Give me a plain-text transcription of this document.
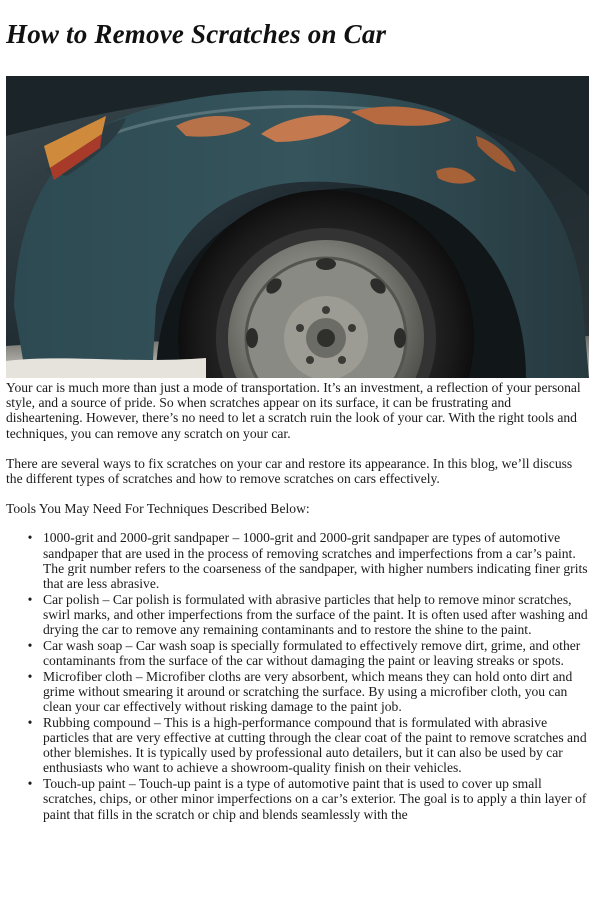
How to Remove Scratches on Car

Your car is much more than just a mode of transportation. It’s an investment, a reflection of your personal style, and a source of pride. So when scratches appear on its surface, it can be frustrating and disheartening. However, there’s no need to let a scratch ruin the look of your car. With the right tools and techniques, you can remove any scratch on your car.

There are several ways to fix scratches on your car and restore its appearance. In this blog, we’ll discuss the different types of scratches and how to remove scratches on cars effectively.

Tools You May Need For Techniques Described Below:

• 1000-grit and 2000-grit sandpaper – 1000-grit and 2000-grit sandpaper are types of automotive sandpaper that are used in the process of removing scratches and imperfections from a car’s paint. The grit number refers to the coarseness of the sandpaper, with higher numbers indicating finer grits that are less abrasive.
• Car polish – Car polish is formulated with abrasive particles that help to remove minor scratches, swirl marks, and other imperfections from the surface of the paint. It is often used after washing and drying the car to remove any remaining contaminants and to restore the shine to the paint.
• Car wash soap – Car wash soap is specially formulated to effectively remove dirt, grime, and other contaminants from the surface of the car without damaging the paint or leaving streaks or spots.
• Microfiber cloth – Microfiber cloths are very absorbent, which means they can hold onto dirt and grime without smearing it around or scratching the surface. By using a microfiber cloth, you can clean your car effectively without risking damage to the paint job.
• Rubbing compound – This is a high-performance compound that is formulated with abrasive particles that are very effective at cutting through the clear coat of the paint to remove scratches and other blemishes. It is typically used by professional auto detailers, but it can also be used by car enthusiasts who want to achieve a showroom-quality finish on their vehicles.
• Touch-up paint – Touch-up paint is a type of automotive paint that is used to cover up small scratches, chips, or other minor imperfections on a car’s exterior. The goal is to apply a thin layer of paint that fills in the scratch or chip and blends seamlessly with the
